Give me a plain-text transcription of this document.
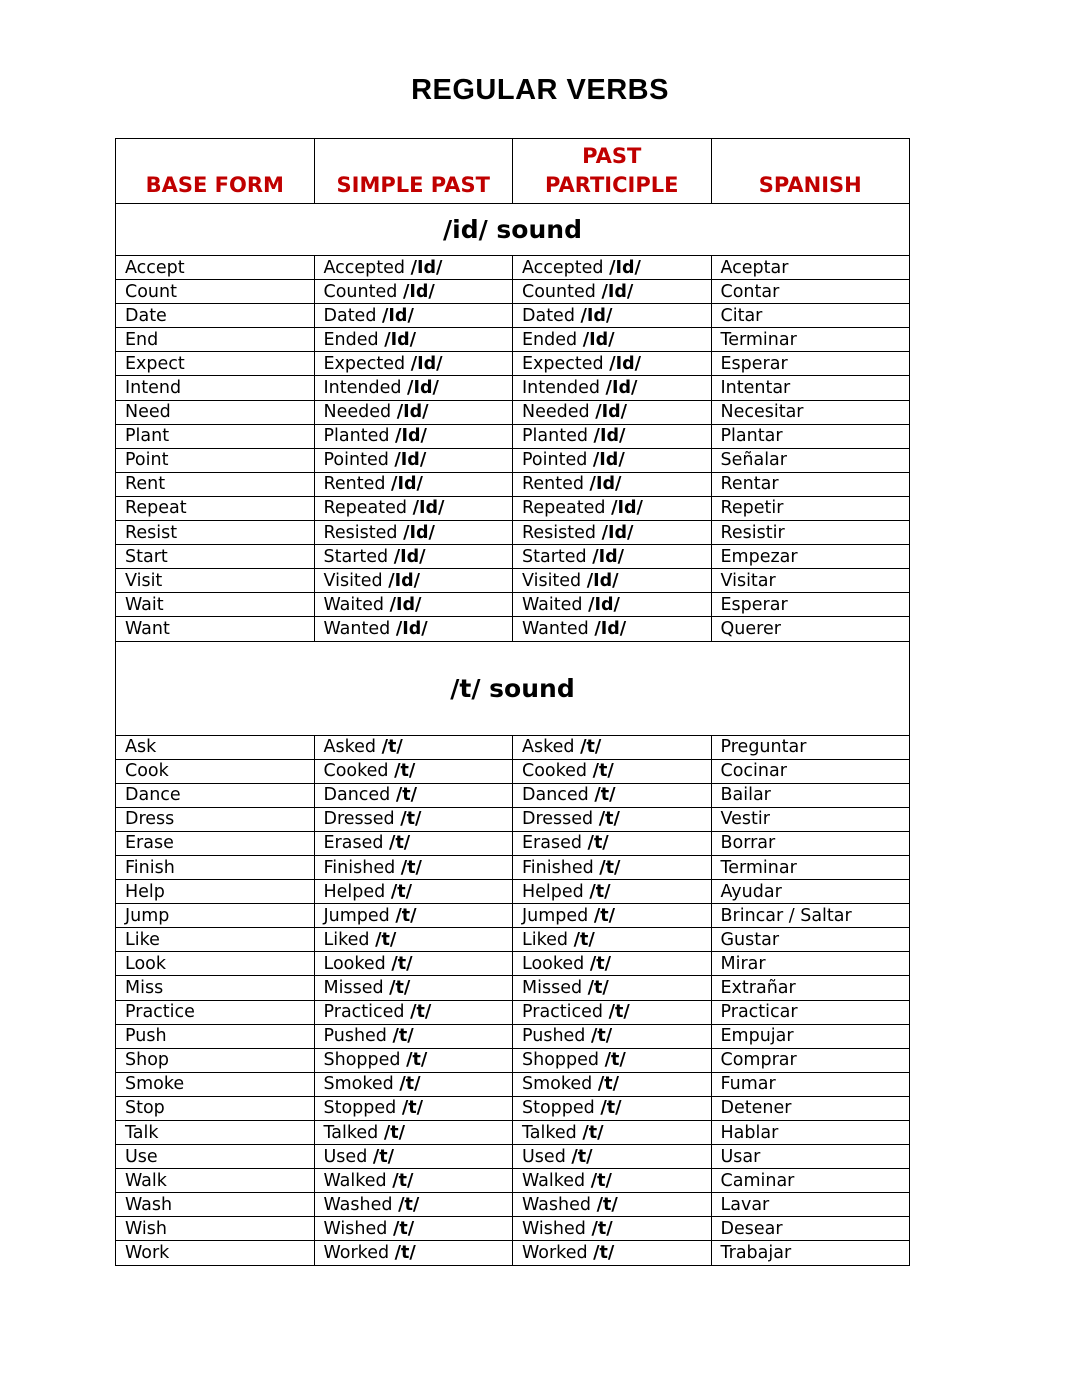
REGULAR VERBS
BASE FORM	SIMPLE PAST	PAST PARTICIPLE	SPANISH
/id/ sound			
Accept	Accepted /Id/	Accepted /Id/	Aceptar
Count	Counted /Id/	Counted /Id/	Contar
Date	Dated /Id/	Dated /Id/	Citar
End	Ended /Id/	Ended /Id/	Terminar
Expect	Expected /Id/	Expected /Id/	Esperar
Intend	Intended /Id/	Intended /Id/	Intentar
Need	Needed /Id/	Needed /Id/	Necesitar
Plant	Planted /Id/	Planted /Id/	Plantar
Point	Pointed /Id/	Pointed /Id/	Señalar
Rent	Rented /Id/	Rented /Id/	Rentar
Repeat	Repeated /Id/	Repeated /Id/	Repetir
Resist	Resisted /Id/	Resisted /Id/	Resistir
Start	Started /Id/	Started /Id/	Empezar
Visit	Visited /Id/	Visited /Id/	Visitar
Wait	Waited /Id/	Waited /Id/	Esperar
Want	Wanted /Id/	Wanted /Id/	Querer
/t/ sound			
Ask	Asked /t/	Asked /t/	Preguntar
Cook	Cooked /t/	Cooked /t/	Cocinar
Dance	Danced /t/	Danced /t/	Bailar
Dress	Dressed /t/	Dressed /t/	Vestir
Erase	Erased /t/	Erased /t/	Borrar
Finish	Finished /t/	Finished /t/	Terminar
Help	Helped /t/	Helped /t/	Ayudar
Jump	Jumped /t/	Jumped /t/	Brincar / Saltar
Like	Liked /t/	Liked /t/	Gustar
Look	Looked /t/	Looked /t/	Mirar
Miss	Missed /t/	Missed /t/	Extrañar
Practice	Practiced /t/	Practiced /t/	Practicar
Push	Pushed /t/	Pushed /t/	Empujar
Shop	Shopped /t/	Shopped /t/	Comprar
Smoke	Smoked /t/	Smoked /t/	Fumar
Stop	Stopped /t/	Stopped /t/	Detener
Talk	Talked /t/	Talked /t/	Hablar
Use	Used /t/	Used /t/	Usar
Walk	Walked /t/	Walked /t/	Caminar
Wash	Washed /t/	Washed /t/	Lavar
Wish	Wished /t/	Wished /t/	Desear
Work	Worked /t/	Worked /t/	Trabajar
